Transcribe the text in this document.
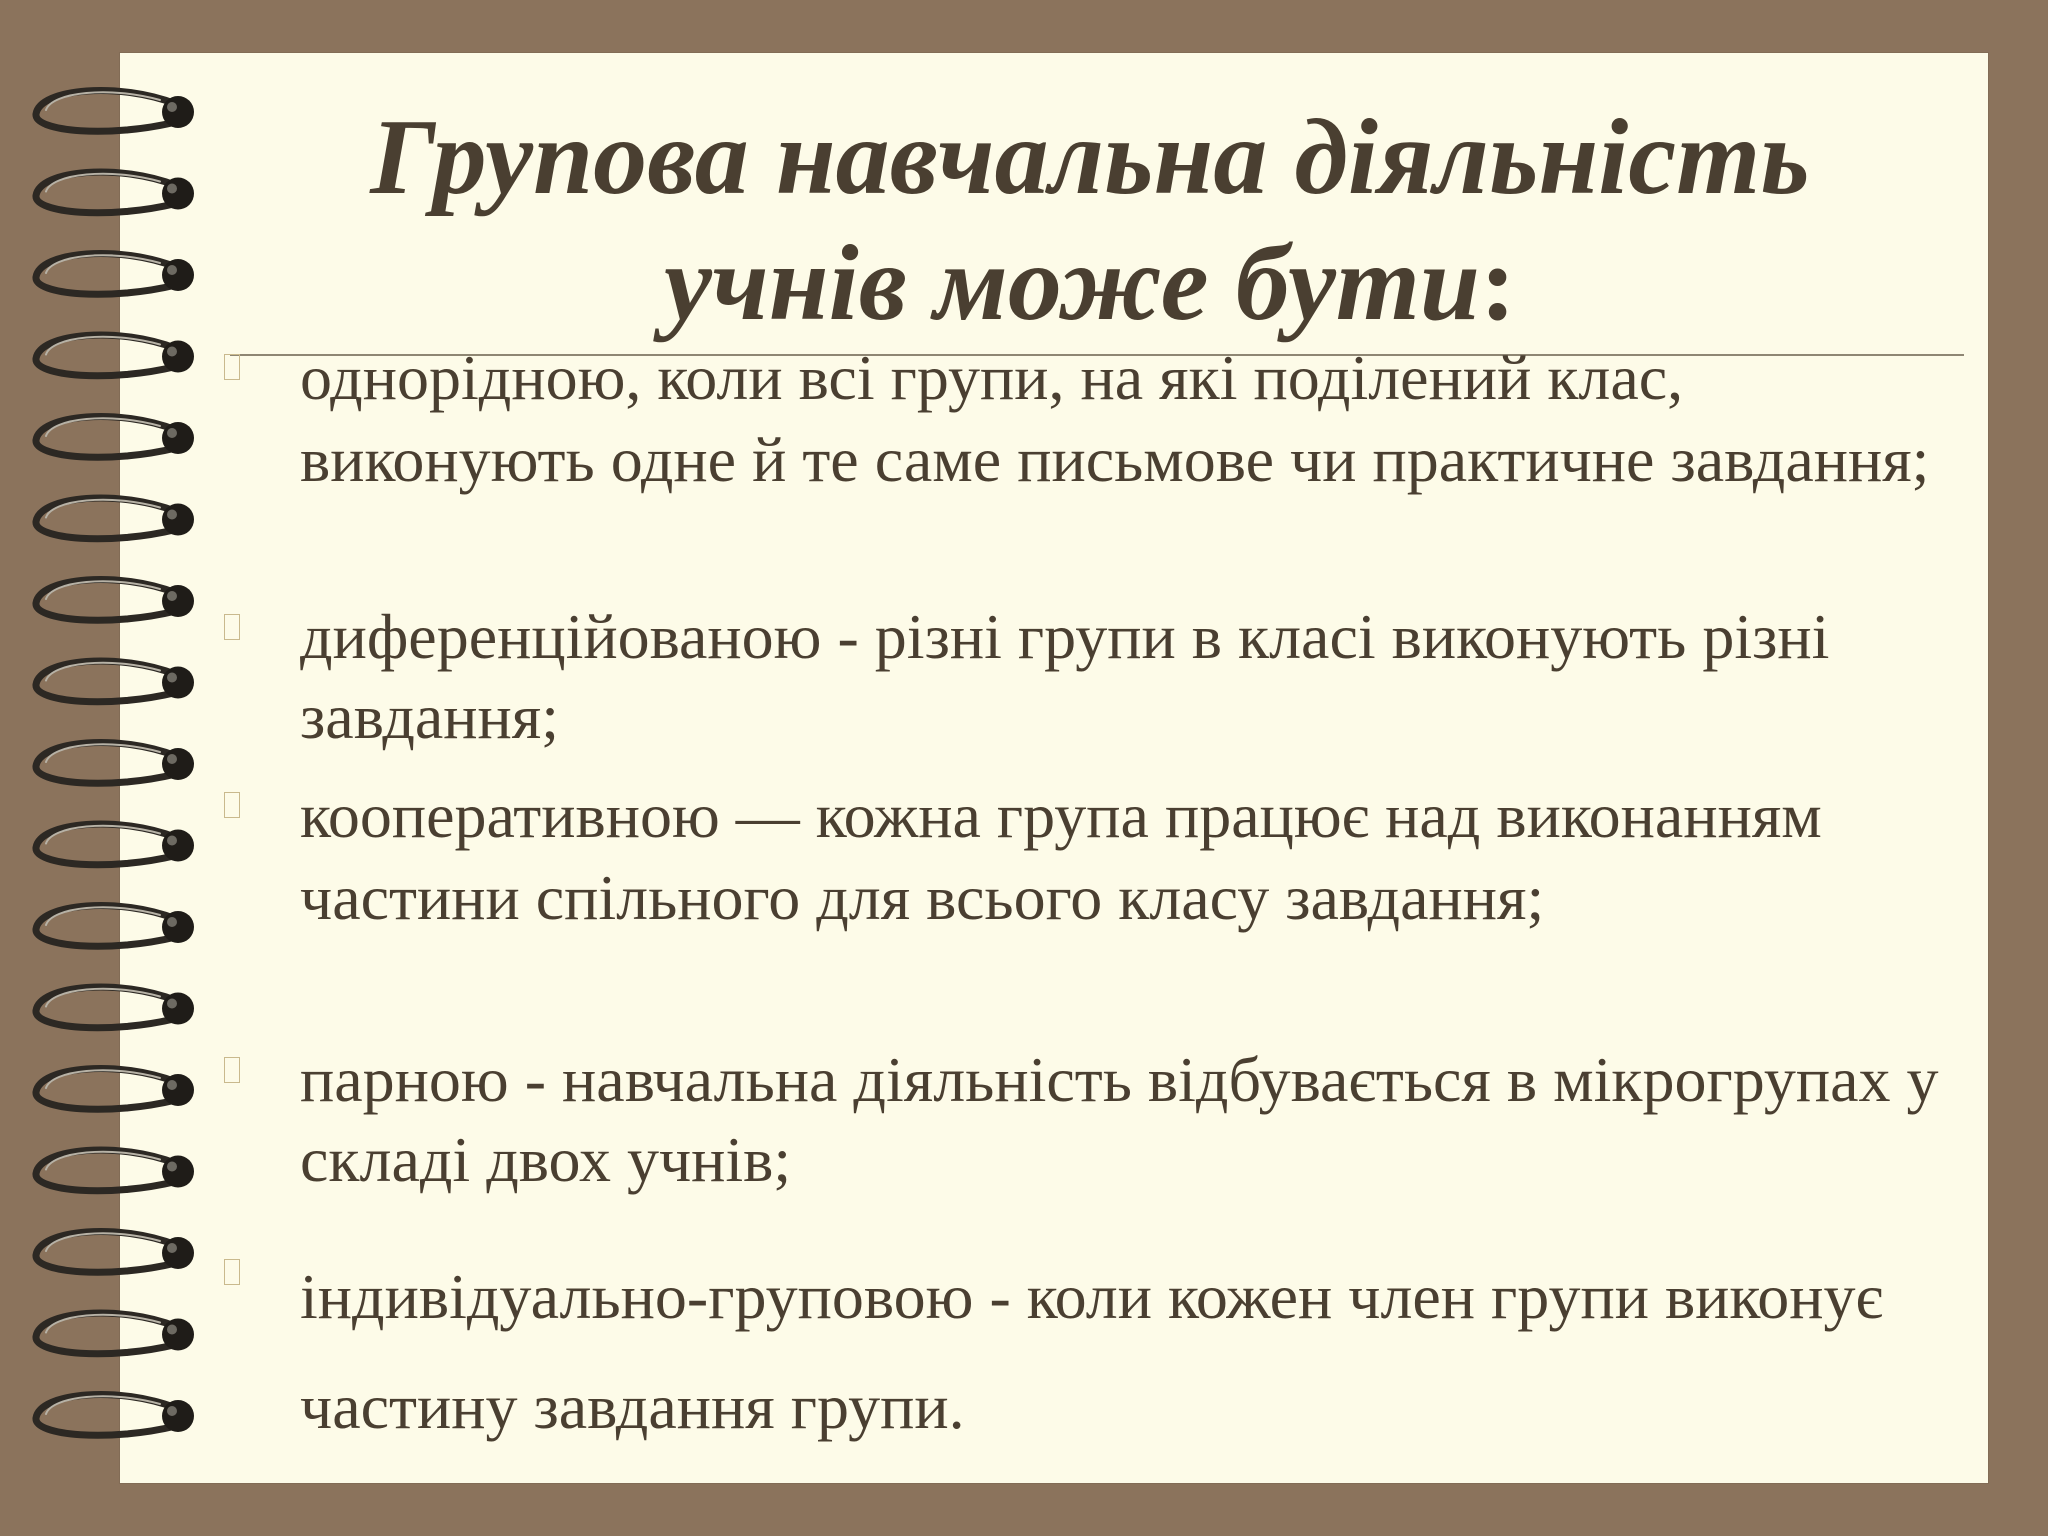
Групова навчальна діяльність учнів може бути:

однорідною, коли всі групи, на які поділений клас, виконують одне й те саме письмове чи практичне завдання;

диференційованою - різні групи в класі виконують різні завдання;

кооперативною — кожна група працює над виконанням частини спільного для всього класу завдання;

парною - навчальна діяльність відбувається в мікрогрупах у складі двох учнів;

індивідуально-груповою - коли кожен член групи виконує частину завдання групи.
